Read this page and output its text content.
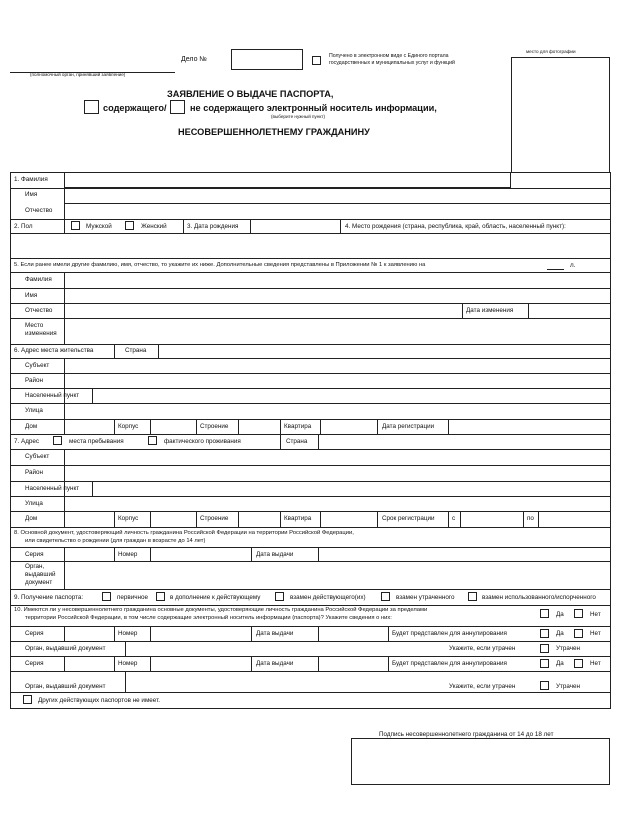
(полномочный орган, принявший заявление)
Дело №	Получено в электронном виде с Единого портала
государственных и муниципальных услуг и функций
место для фотографии
ЗАЯВЛЕНИЕ О ВЫДАЧЕ ПАСПОРТА,
содержащего/	не содержащего электронный носитель информации,
(выберите нужный пункт)
НЕСОВЕРШЕННОЛЕТНЕМУ ГРАЖДАНИНУ
1. Фамилия
Имя
Отчество
2. Пол	Мужской	Женский	3. Дата рождения	4. Место рождения (страна, республика, край, область, населенный пункт):
5. Если ранее имели другие фамилию, имя, отчество, то укажите их ниже. Дополнительные сведения представлены в Приложении № 1 к заявлению на	л.
Фамилия
Имя
Отчество	Дата изменения
Место
изменения
6. Адрес места жительства	Страна
Субъект
Район
Населенный пункт
Улица
Дом	Корпус	Строение	Квартира	Дата регистрации
7. Адрес	места пребывания	фактического проживания	Страна
Субъект
Район
Населенный пункт
Улица
Дом	Корпус	Строение	Квартира	Срок регистрации	с	по
8. Основной документ, удостоверяющий личность гражданина Российской Федерации на территории Российской Федерации,
или свидетельство о рождении (для граждан в возрасте до 14 лет)
Серия	Номер	Дата выдачи
Орган,
выдавший
документ
9. Получение паспорта:	первичное	в дополнение к действующему	взамен действующего(их)	взамен утраченного	взамен использованного/испорченного
10. Имеются ли у несовершеннолетнего гражданина основные документы, удостоверяющие личность гражданина Российской Федерации за пределами
территории Российской Федерации, в том числе содержащие электронный носитель информации (паспорта)? Укажите сведения о них:	Да	Нет
Серия	Номер	Дата выдачи	Будет представлен для аннулирования	Да	Нет
Орган, выдавший документ	Укажите, если утрачен	Утрачен
Серия	Номер	Дата выдачи	Будет представлен для аннулирования	Да	Нет
Орган, выдавший документ	Укажите, если утрачен	Утрачен
Других действующих паспортов не имеет.
Подпись несовершеннолетнего гражданина от 14 до 18 лет
